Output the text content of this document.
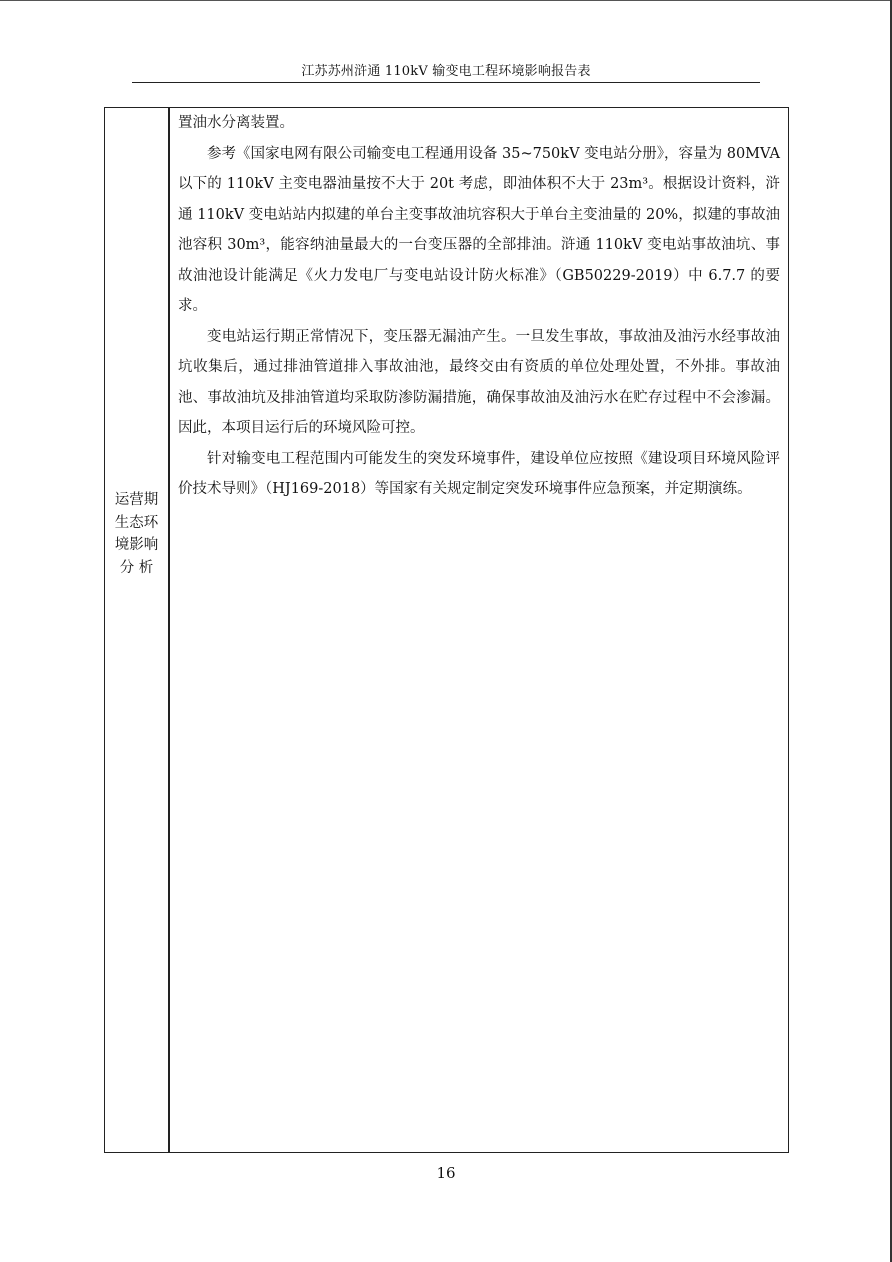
江苏苏州浒通 110kV 输变电工程环境影响报告表
运营期
生态环
境影响
分 析

置油水分离装置。

参考《国家电网有限公司输变电工程通用设备 35~750kV 变电站分册》，容量为 80MVA 以下的 110kV 主变电器油量按不大于 20t 考虑，即油体积不大于 23m³。根据设计资料，浒通 110kV 变电站站内拟建的单台主变事故油坑容积大于单台主变油量的 20%，拟建的事故油池容积 30m³，能容纳油量最大的一台变压器的全部排油。浒通 110kV 变电站事故油坑、事故油池设计能满足《火力发电厂与变电站设计防火标准》（GB50229-2019）中 6.7.7 的要求。

变电站运行期正常情况下，变压器无漏油产生。一旦发生事故，事故油及油污水经事故油坑收集后，通过排油管道排入事故油池，最终交由有资质的单位处理处置，不外排。事故油池、事故油坑及排油管道均采取防渗防漏措施，确保事故油及油污水在贮存过程中不会渗漏。因此，本项目运行后的环境风险可控。

针对输变电工程范围内可能发生的突发环境事件，建设单位应按照《建设项目环境风险评价技术导则》（HJ169-2018）等国家有关规定制定突发环境事件应急预案，并定期演练。

16
